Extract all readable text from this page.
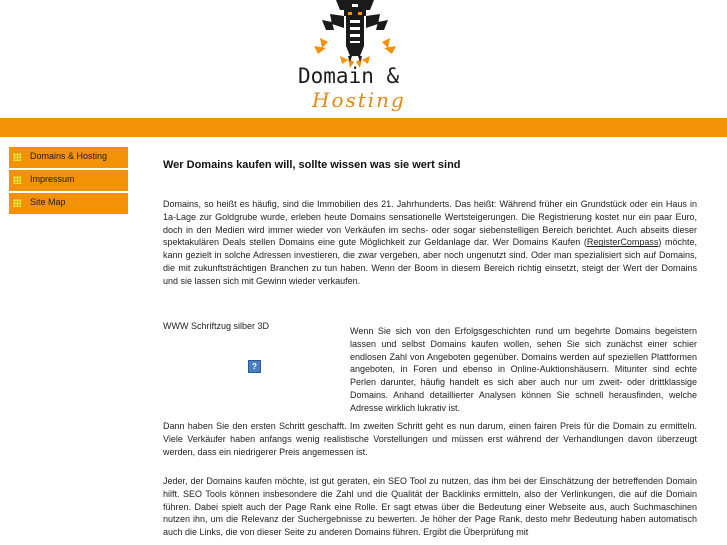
Domain &
Hosting
Domains & Hosting
Impressum
Site Map
Wer Domains kaufen will, sollte wissen was sie wert sind

Domains, so heißt es häufig, sind die Immobilien des 21. Jahrhunderts. Das heißt: Während früher ein Grundstück oder ein Haus in 1a-Lage zur Goldgrube wurde, erleben heute Domains sensationelle Wertsteigerungen. Die Registrierung kostet nur ein paar Euro, doch in den Medien wird immer wieder von Verkäufen im sechs- oder sogar siebenstelligen Bereich berichtet. Auch abseits dieser spektakulären Deals stellen Domains eine gute Möglichkeit zur Geldanlage dar. Wer Domains Kaufen (RegisterCompass) möchte, kann gezielt in solche Adressen investieren, die zwar vergeben, aber noch ungenutzt sind. Oder man spezialisiert sich auf Domains, die mit zukunftsträchtigen Branchen zu tun haben. Wenn der Boom in diesem Bereich richtig einsetzt, steigt der Wert der Domains und sie lassen sich mit Gewinn wieder verkaufen.

WWW Schriftzug silber 3D
?

Wenn Sie sich von den Erfolgsgeschichten rund um begehrte Domains begeistern lassen und selbst Domains kaufen wollen, sehen Sie sich zunächst einer schier endlosen Zahl von Angeboten gegenüber. Domains werden auf speziellen Plattformen angeboten, in Foren und ebenso in Online-Auktionshäusern. Mitunter sind echte Perlen darunter, häufig handelt es sich aber auch nur um zweit- oder drittklassige Domains. Anhand detaillierter Analysen können Sie schnell herausfinden, welche Adresse wirklich lukrativ ist.

Dann haben Sie den ersten Schritt geschafft. Im zweiten Schritt geht es nun darum, einen fairen Preis für die Domain zu ermitteln. Viele Verkäufer haben anfangs wenig realistische Vorstellungen und müssen erst während der Verhandlungen davon überzeugt werden, dass ein niedrigerer Preis angemessen ist.

Jeder, der Domains kaufen möchte, ist gut geraten, ein SEO Tool zu nutzen, das ihm bei der Einschätzung der betreffenden Domain hilft. SEO Tools können insbesondere die Zahl und die Qualität der Backlinks ermitteln, also der Verlinkungen, die auf die Domain führen. Dabei spielt auch der Page Rank eine Rolle. Er sagt etwas über die Bedeutung einer Webseite aus, auch Suchmaschinen nutzen ihn, um die Relevanz der Suchergebnisse zu bewerten. Je höher der Page Rank, desto mehr Bedeutung haben automatisch auch die Links, die von dieser Seite zu anderen Domains führen. Ergibt die Überprüfung mit
